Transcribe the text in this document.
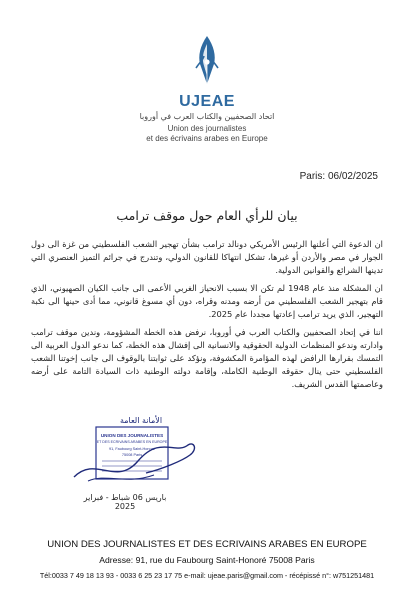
UJEAE
اتحاد الصحفيين والكتاب العرب في أوروبا
Union des journalistes
et des écrivains arabes en Europe
Paris: 06/02/2025
بيان للرأي العام حول موقف ترامب

ان الدعوة التي أعلنها الرئيس الأمريكي دونالد ترامب بشأن تهجير الشعب الفلسطيني من غزة الى دول الجوار في مصر والأردن أو غيرها، تشكل انتهاكا للقانون الدولي، وتندرج في جرائم التميز العنصري التي تدينها الشرائع والقوانين الدولية.

ان المشكلة منذ عام 1948 لم تكن الا بسبب الانحياز الغربي الأعمى الى جانب الكيان الصهيوني، الذي قام بتهجير الشعب الفلسطيني من أرضه ومدنه وقراه، دون أي مسوغ قانوني، مما أدى حينها الى نكبة التهجير، الذي يريد ترامب إعادتها مجددا عام 2025.

اننا في إتحاد الصحفيين والكتاب العرب في أوروبا، نرفض هذه الخطة المشؤومة، وندين موقف ترامب وادارته وندعو المنظمات الدولية الحقوقية والانسانية الى إفشال هذه الخطة، كما ندعو الدول العربية الى التمسك بقرارها الرافض لهذه المؤامرة المكشوفة، ونؤكد على ثوابتنا بالوقوف الى جانب إخوتنا الشعب الفلسطيني حتى ينال حقوقه الوطنية الكاملة، وإقامة دولته الوطنية ذات السيادة التامة على أرضه وعاصمتها القدس الشريف.

الأمانة العامة
UNION DES JOURNALISTES
ET DES ECRIVAINS ARABES EN EUROPE
91, Faubourg Saint-Honoré
75008 Paris
باريس 06 شباط - فبراير 2025
UNION DES JOURNALISTES ET DES ECRIVAINS ARABES EN EUROPE
Adresse: 91, rue du Faubourg Saint-Honoré 75008 Paris
Tél:0033 7 49 18 13 93 - 0033 6 25 23 17 75 e-mail: ujeae.paris@gmail.com - récépissé n°: w751251481
